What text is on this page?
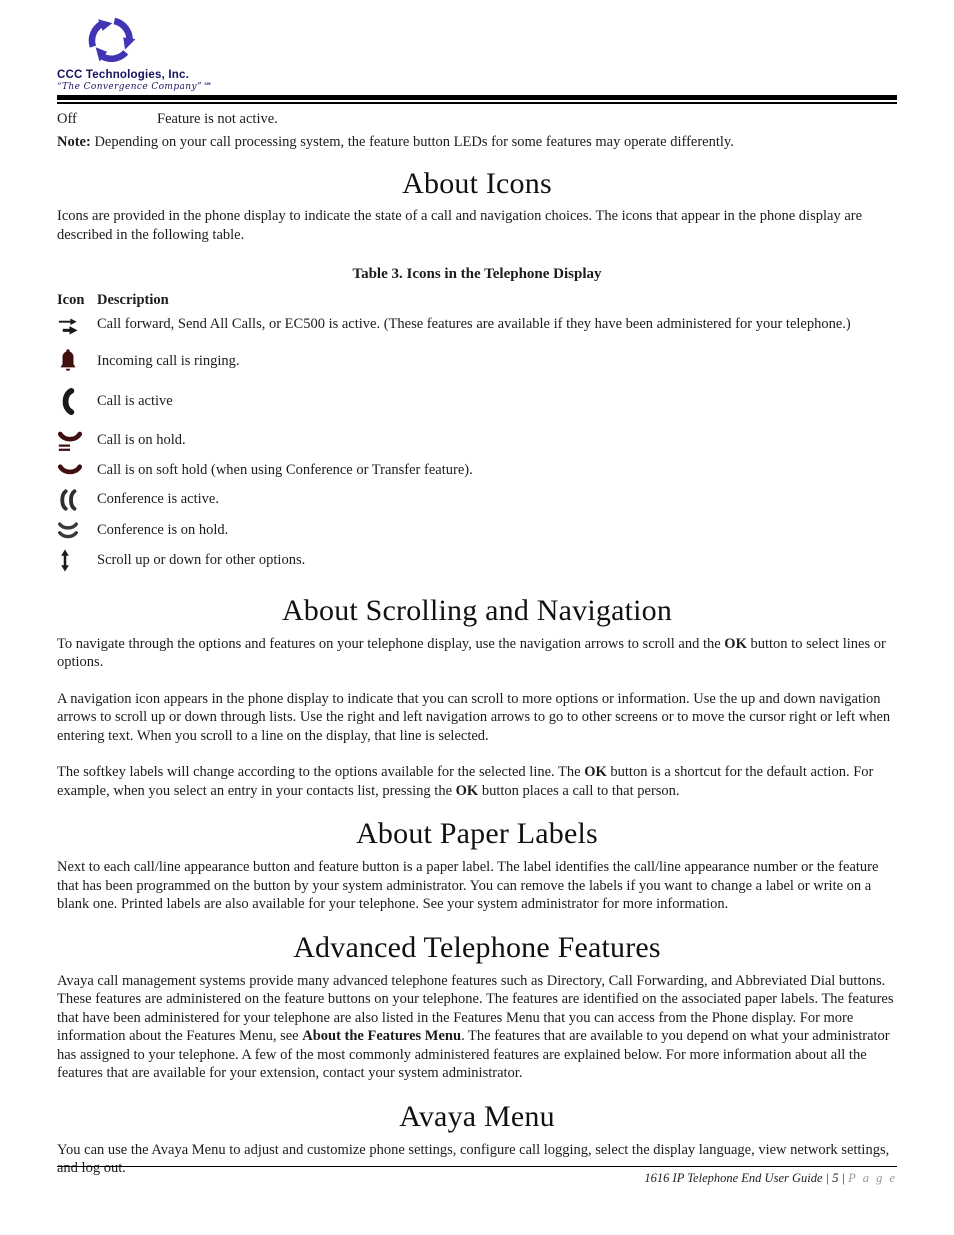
CCC Technologies, Inc.
“The Convergence Company”℠
Off	Feature is not active.

Note: Depending on your call processing system, the feature button LEDs for some features may operate differently.

About Icons

Icons are provided in the phone display to indicate the state of a call and navigation choices. The icons that appear in the phone display are described in the following table.

Table 3. Icons in the Telephone Display
Icon Description
Call forward, Send All Calls, or EC500 is active. (These features are available if they have been administered for your telephone.)
Incoming call is ringing.
Call is active
Call is on hold.
Call is on soft hold (when using Conference or Transfer feature).
Conference is active.
Conference is on hold.
Scroll up or down for other options.
About Scrolling and Navigation

To navigate through the options and features on your telephone display, use the navigation arrows to scroll and the OK button to select lines or options.

A navigation icon appears in the phone display to indicate that you can scroll to more options or information. Use the up and down navigation arrows to scroll up or down through lists. Use the right and left navigation arrows to go to other screens or to move the cursor right or left when entering text. When you scroll to a line on the display, that line is selected.

The softkey labels will change according to the options available for the selected line. The OK button is a shortcut for the default action. For example, when you select an entry in your contacts list, pressing the OK button places a call to that person.

About Paper Labels

Next to each call/line appearance button and feature button is a paper label. The label identifies the call/line appearance number or the feature that has been programmed on the button by your system administrator. You can remove the labels if you want to change a label or write on a blank one. Printed labels are also available for your telephone. See your system administrator for more information.

Advanced Telephone Features

Avaya call management systems provide many advanced telephone features such as Directory, Call Forwarding, and Abbreviated Dial buttons. These features are administered on the feature buttons on your telephone. The features are identified on the associated paper labels. The features that have been administered for your telephone are also listed in the Features Menu that you can access from the Phone display. For more information about the Features Menu, see About the Features Menu. The features that are available to you depend on what your administrator has assigned to your telephone. A few of the most commonly administered features are explained below. For more information about all the features that are available for your extension, contact your system administrator.

Avaya Menu

You can use the Avaya Menu to adjust and customize phone settings, configure call logging, select the display language, view network settings, and log out.

1616 IP Telephone End User Guide | 5 | P a g e
